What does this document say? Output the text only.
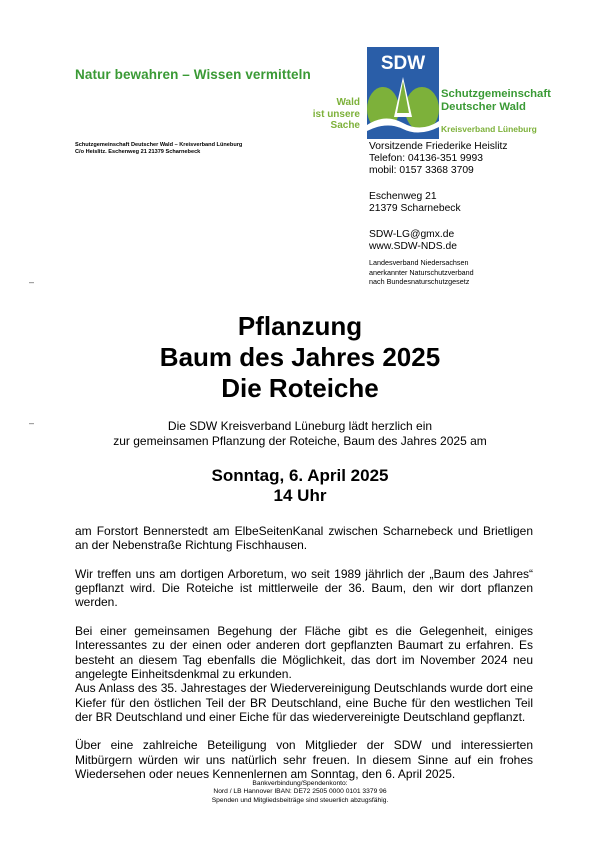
Natur bewahren – Wissen vermitteln
Schutzgemeinschaft Deutscher Wald – Kreisverband Lüneburg
C/o Heislitz. Eschenweg 21 21379 Scharnebeck
SDW
Wald
ist unsere
Sache
Schutzgemeinschaft
Deutscher Wald
Kreisverband Lüneburg
Vorsitzende Friederike Heislitz
Telefon: 04136-351 9993
mobil: 0157 3368 3709
Eschenweg 21
21379 Scharnebeck
SDW-LG@gmx.de
www.SDW-NDS.de
Landesverband Niedersachsen
anerkannter Naturschutzverband
nach Bundesnaturschutzgesetz
–
–
Pflanzung
Baum des Jahres 2025
Die Roteiche
Die SDW Kreisverband Lüneburg lädt herzlich ein
zur gemeinsamen Pflanzung der Roteiche, Baum des Jahres 2025 am
Sonntag, 6. April 2025
14 Uhr

am Forstort Bennerstedt am ElbeSeitenKanal zwischen Scharnebeck und Brietligen an der Nebenstraße Richtung Fischhausen.

Wir treffen uns am dortigen Arboretum, wo seit 1989 jährlich der „Baum des Jahres“ gepflanzt wird. Die Roteiche ist mittlerweile der 36. Baum, den wir dort pflanzen werden.

Bei einer gemeinsamen Begehung der Fläche gibt es die Gelegenheit, einiges Interessantes zu der einen oder anderen dort gepflanzten Baumart zu erfahren. Es besteht an diesem Tag ebenfalls die Möglichkeit, das dort im November 2024 neu angelegte Einheitsdenkmal zu erkunden.

Aus Anlass des 35. Jahrestages der Wiedervereinigung Deutschlands wurde dort eine Kiefer für den östlichen Teil der BR Deutschland, eine Buche für den westlichen Teil der BR Deutschland und einer Eiche für das wiedervereinigte Deutschland gepflanzt.

Über eine zahlreiche Beteiligung von Mitglieder der SDW und interessierten Mitbürgern würden wir uns natürlich sehr freuen. In diesem Sinne auf ein frohes Wiedersehen oder neues Kennenlernen am Sonntag, den 6. April 2025.

Bankverbindung/Spendenkonto:
Nord / LB Hannover IBAN: DE72 2505 0000 0101 3379 96
Spenden und Mitgliedsbeiträge sind steuerlich abzugsfähig.
